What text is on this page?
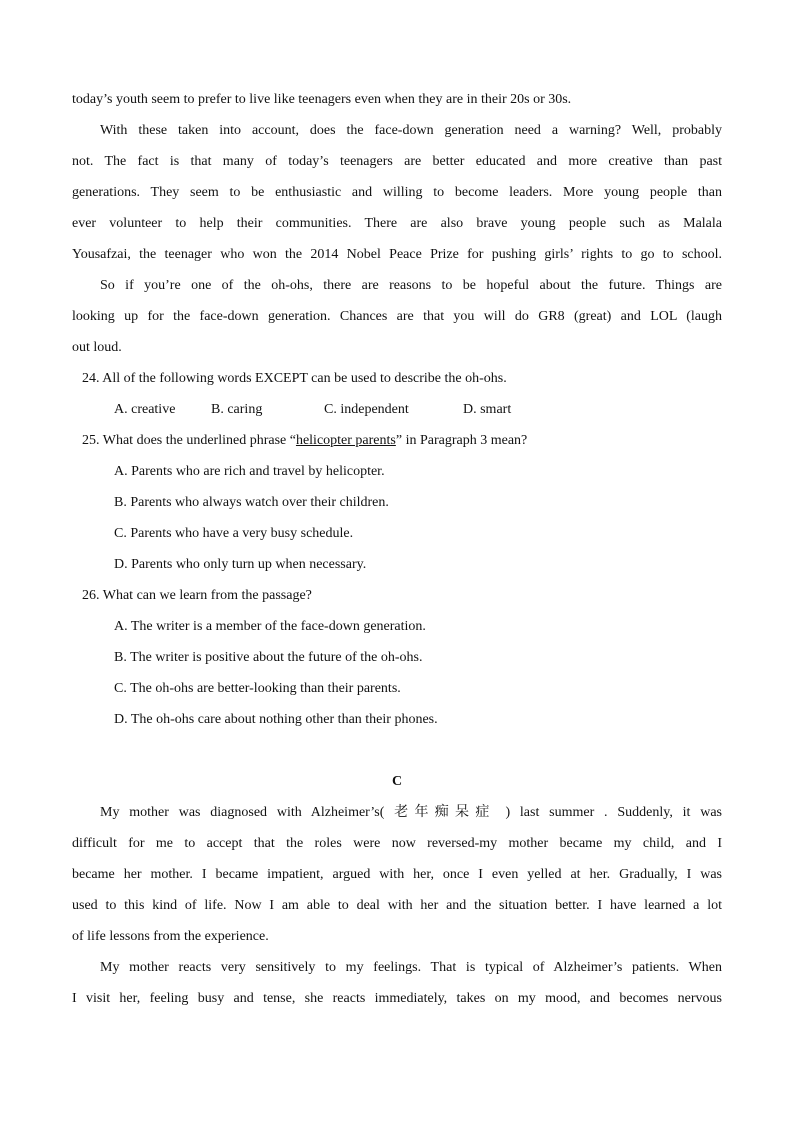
today’s youth seem to prefer to live like teenagers even when they are in their 20s or 30s.
With these taken into account, does the face-down generation need a warning? Well, probably
not. The fact is that many of today’s teenagers are better educated and more creative than past
generations. They seem to be enthusiastic and willing to become leaders. More young people than
ever volunteer to help their communities. There are also brave young people such as Malala
Yousafzai, the teenager who won the 2014 Nobel Peace Prize for pushing girls’ rights to go to school.
So if you’re one of the oh-ohs, there are reasons to be hopeful about the future. Things are
looking up for the face-down generation. Chances are that you will do GR8 (great) and LOL (laugh
out loud.
24. All of the following words EXCEPT can be used to describe the oh-ohs.
A. creative	B. caring	C. independent	D. smart
25. What does the underlined phrase “helicopter parents” in Paragraph 3 mean?
A. Parents who are rich and travel by helicopter.
B. Parents who always watch over their children.
C. Parents who have a very busy schedule.
D. Parents who only turn up when necessary.
26. What can we learn from the passage?
A. The writer is a member of the face-down generation.
B. The writer is positive about the future of the oh-ohs.
C. The oh-ohs are better-looking than their parents.
D. The oh-ohs care about nothing other than their phones.
C
My mother was diagnosed with Alzheimer’s( 老年痴呆症 ) last summer . Suddenly, it was
difficult for me to accept that the roles were now reversed-my mother became my child, and I
became her mother. I became impatient, argued with her, once I even yelled at her. Gradually, I was
used to this kind of life. Now I am able to deal with her and the situation better. I have learned a lot
of life lessons from the experience.
My mother reacts very sensitively to my feelings. That is typical of Alzheimer’s patients. When
I visit her, feeling busy and tense, she reacts immediately, takes on my mood, and becomes nervous
